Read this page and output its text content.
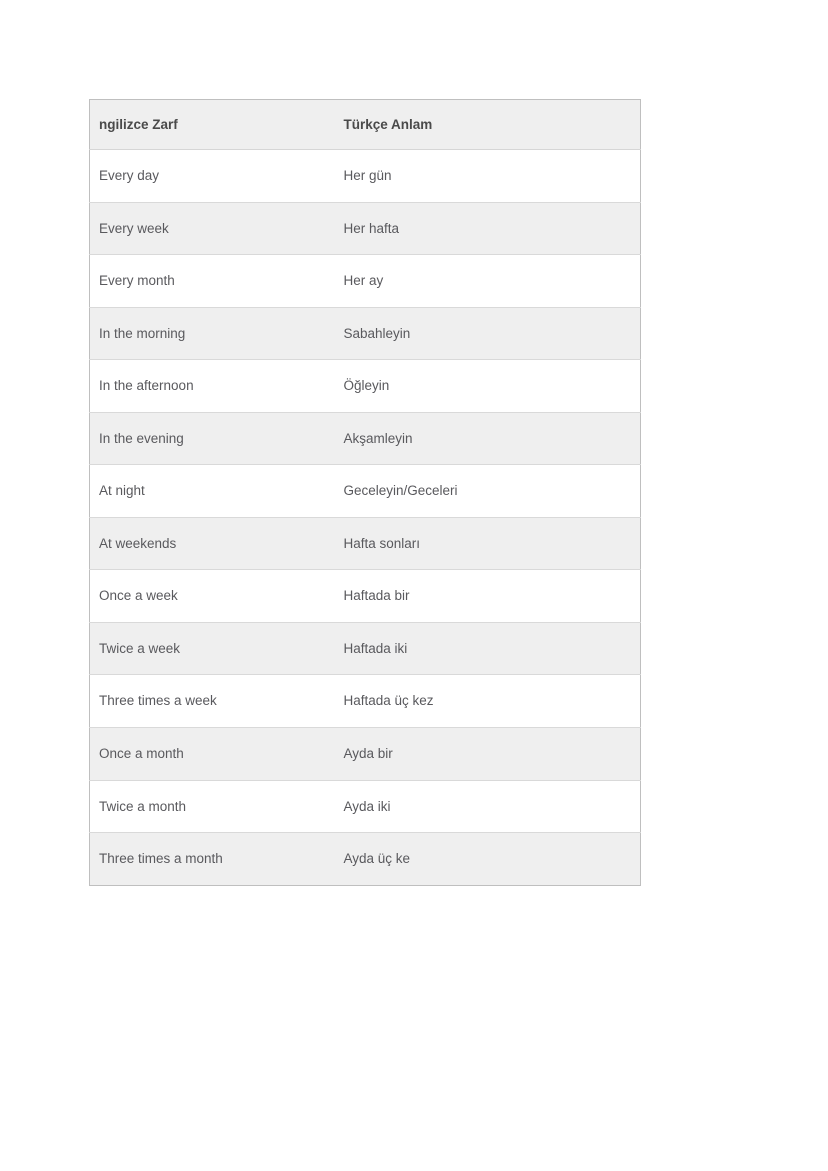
ngilizce Zarf	Türkçe Anlam
Every day	Her gün
Every week	Her hafta
Every month	Her ay
In the morning	Sabahleyin
In the afternoon	Öğleyin
In the evening	Akşamleyin
At night	Geceleyin/Geceleri
At weekends	Hafta sonları
Once a week	Haftada bir
Twice a week	Haftada iki
Three times a week	Haftada üç kez
Once a month	Ayda bir
Twice a month	Ayda iki
Three times a month	Ayda üç ke
